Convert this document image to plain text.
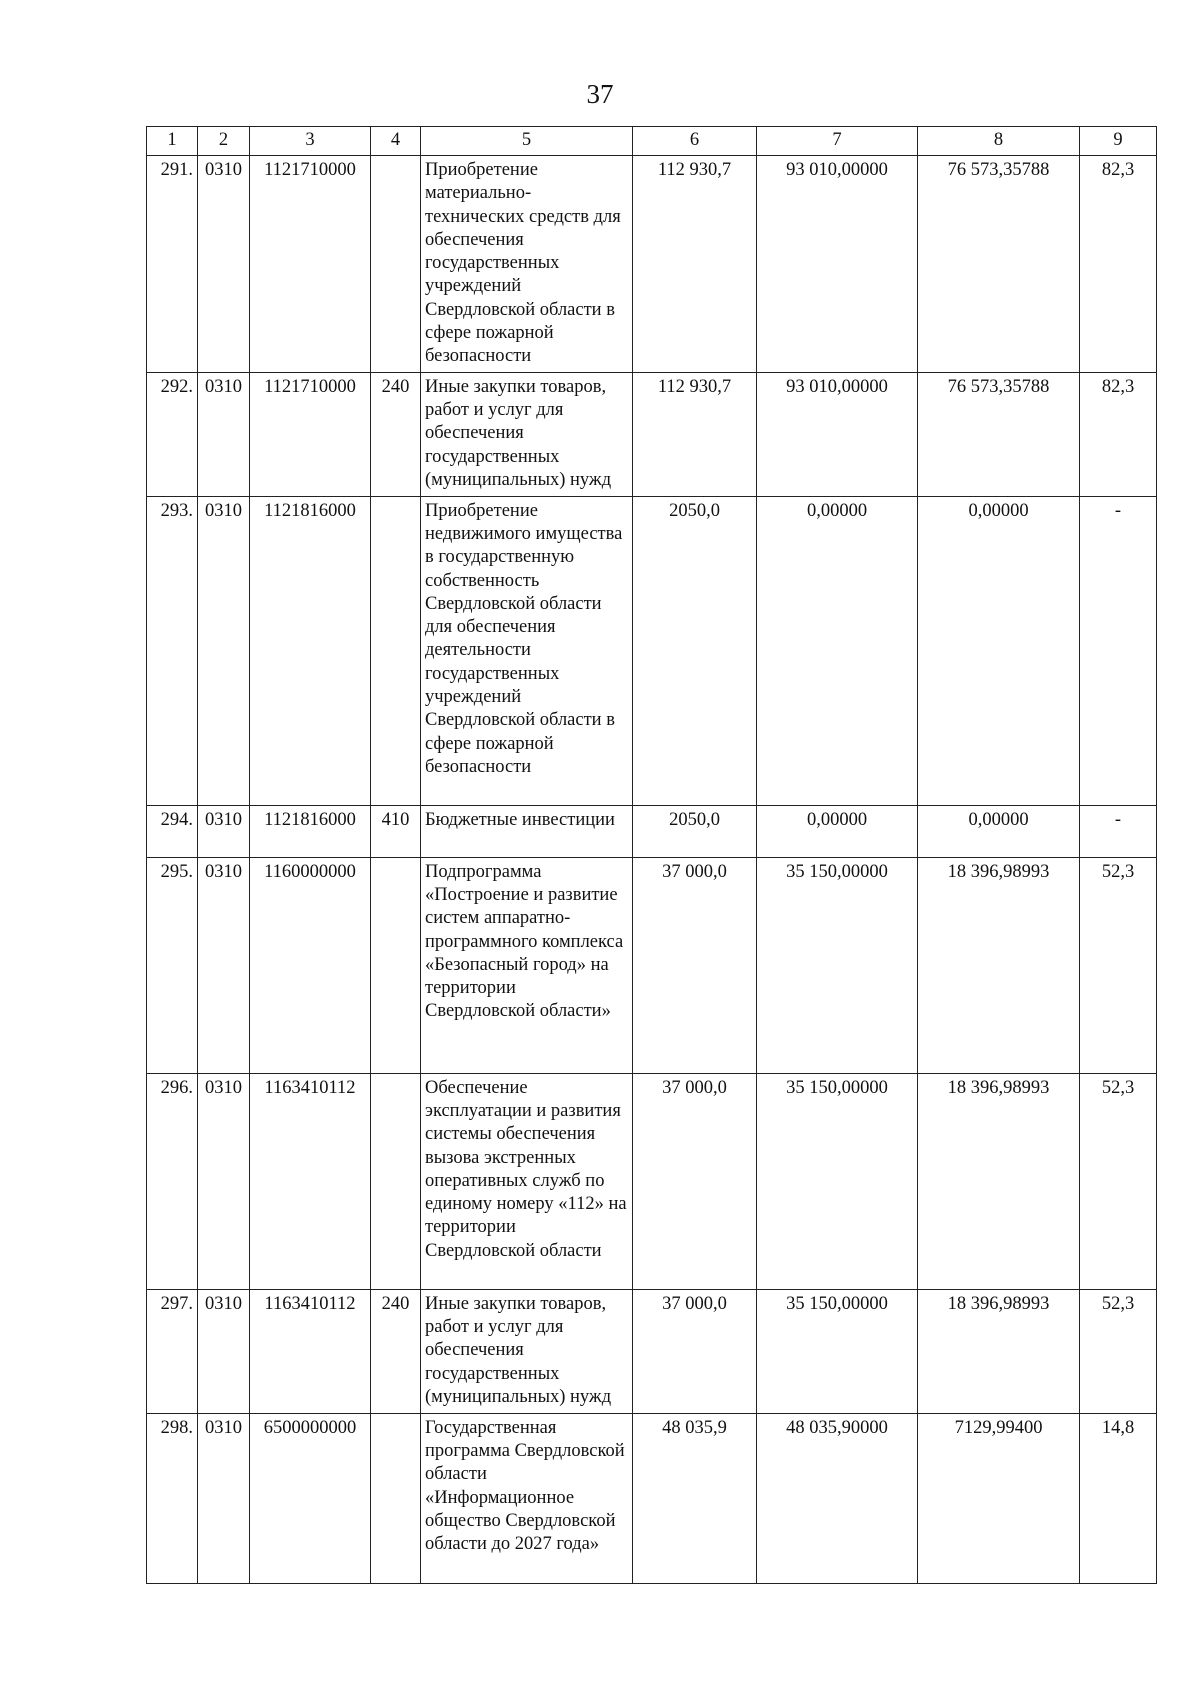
37
1	2	3	4	5	6	7	8	9
291.	0310	1121710000		Приобретение материально-технических средств для обеспечения государственных учреждений Свердловской области в сфере пожарной безопасности	112 930,7	93 010,00000	76 573,35788	82,3
292.	0310	1121710000	240	Иные закупки товаров, работ и услуг для обеспечения государственных (муниципальных) нужд	112 930,7	93 010,00000	76 573,35788	82,3
293.	0310	1121816000		Приобретение недвижимого имущества в государственную собственность Свердловской области для обеспечения деятельности государственных учреждений Свердловской области в сфере пожарной безопасности	2050,0	0,00000	0,00000	-
294.	0310	1121816000	410	Бюджетные инвестиции	2050,0	0,00000	0,00000	-
295.	0310	1160000000		Подпрограмма «Построение и развитие систем аппаратно-программного комплекса «Безопасный город» на территории Свердловской области»	37 000,0	35 150,00000	18 396,98993	52,3
296.	0310	1163410112		Обеспечение эксплуатации и развития системы обеспечения вызова экстренных оперативных служб по единому номеру «112» на территории Свердловской области	37 000,0	35 150,00000	18 396,98993	52,3
297.	0310	1163410112	240	Иные закупки товаров, работ и услуг для обеспечения государственных (муниципальных) нужд	37 000,0	35 150,00000	18 396,98993	52,3
298.	0310	6500000000		Государственная программа Свердловской области «Информационное общество Свердловской области до 2027 года»	48 035,9	48 035,90000	7129,99400	14,8
